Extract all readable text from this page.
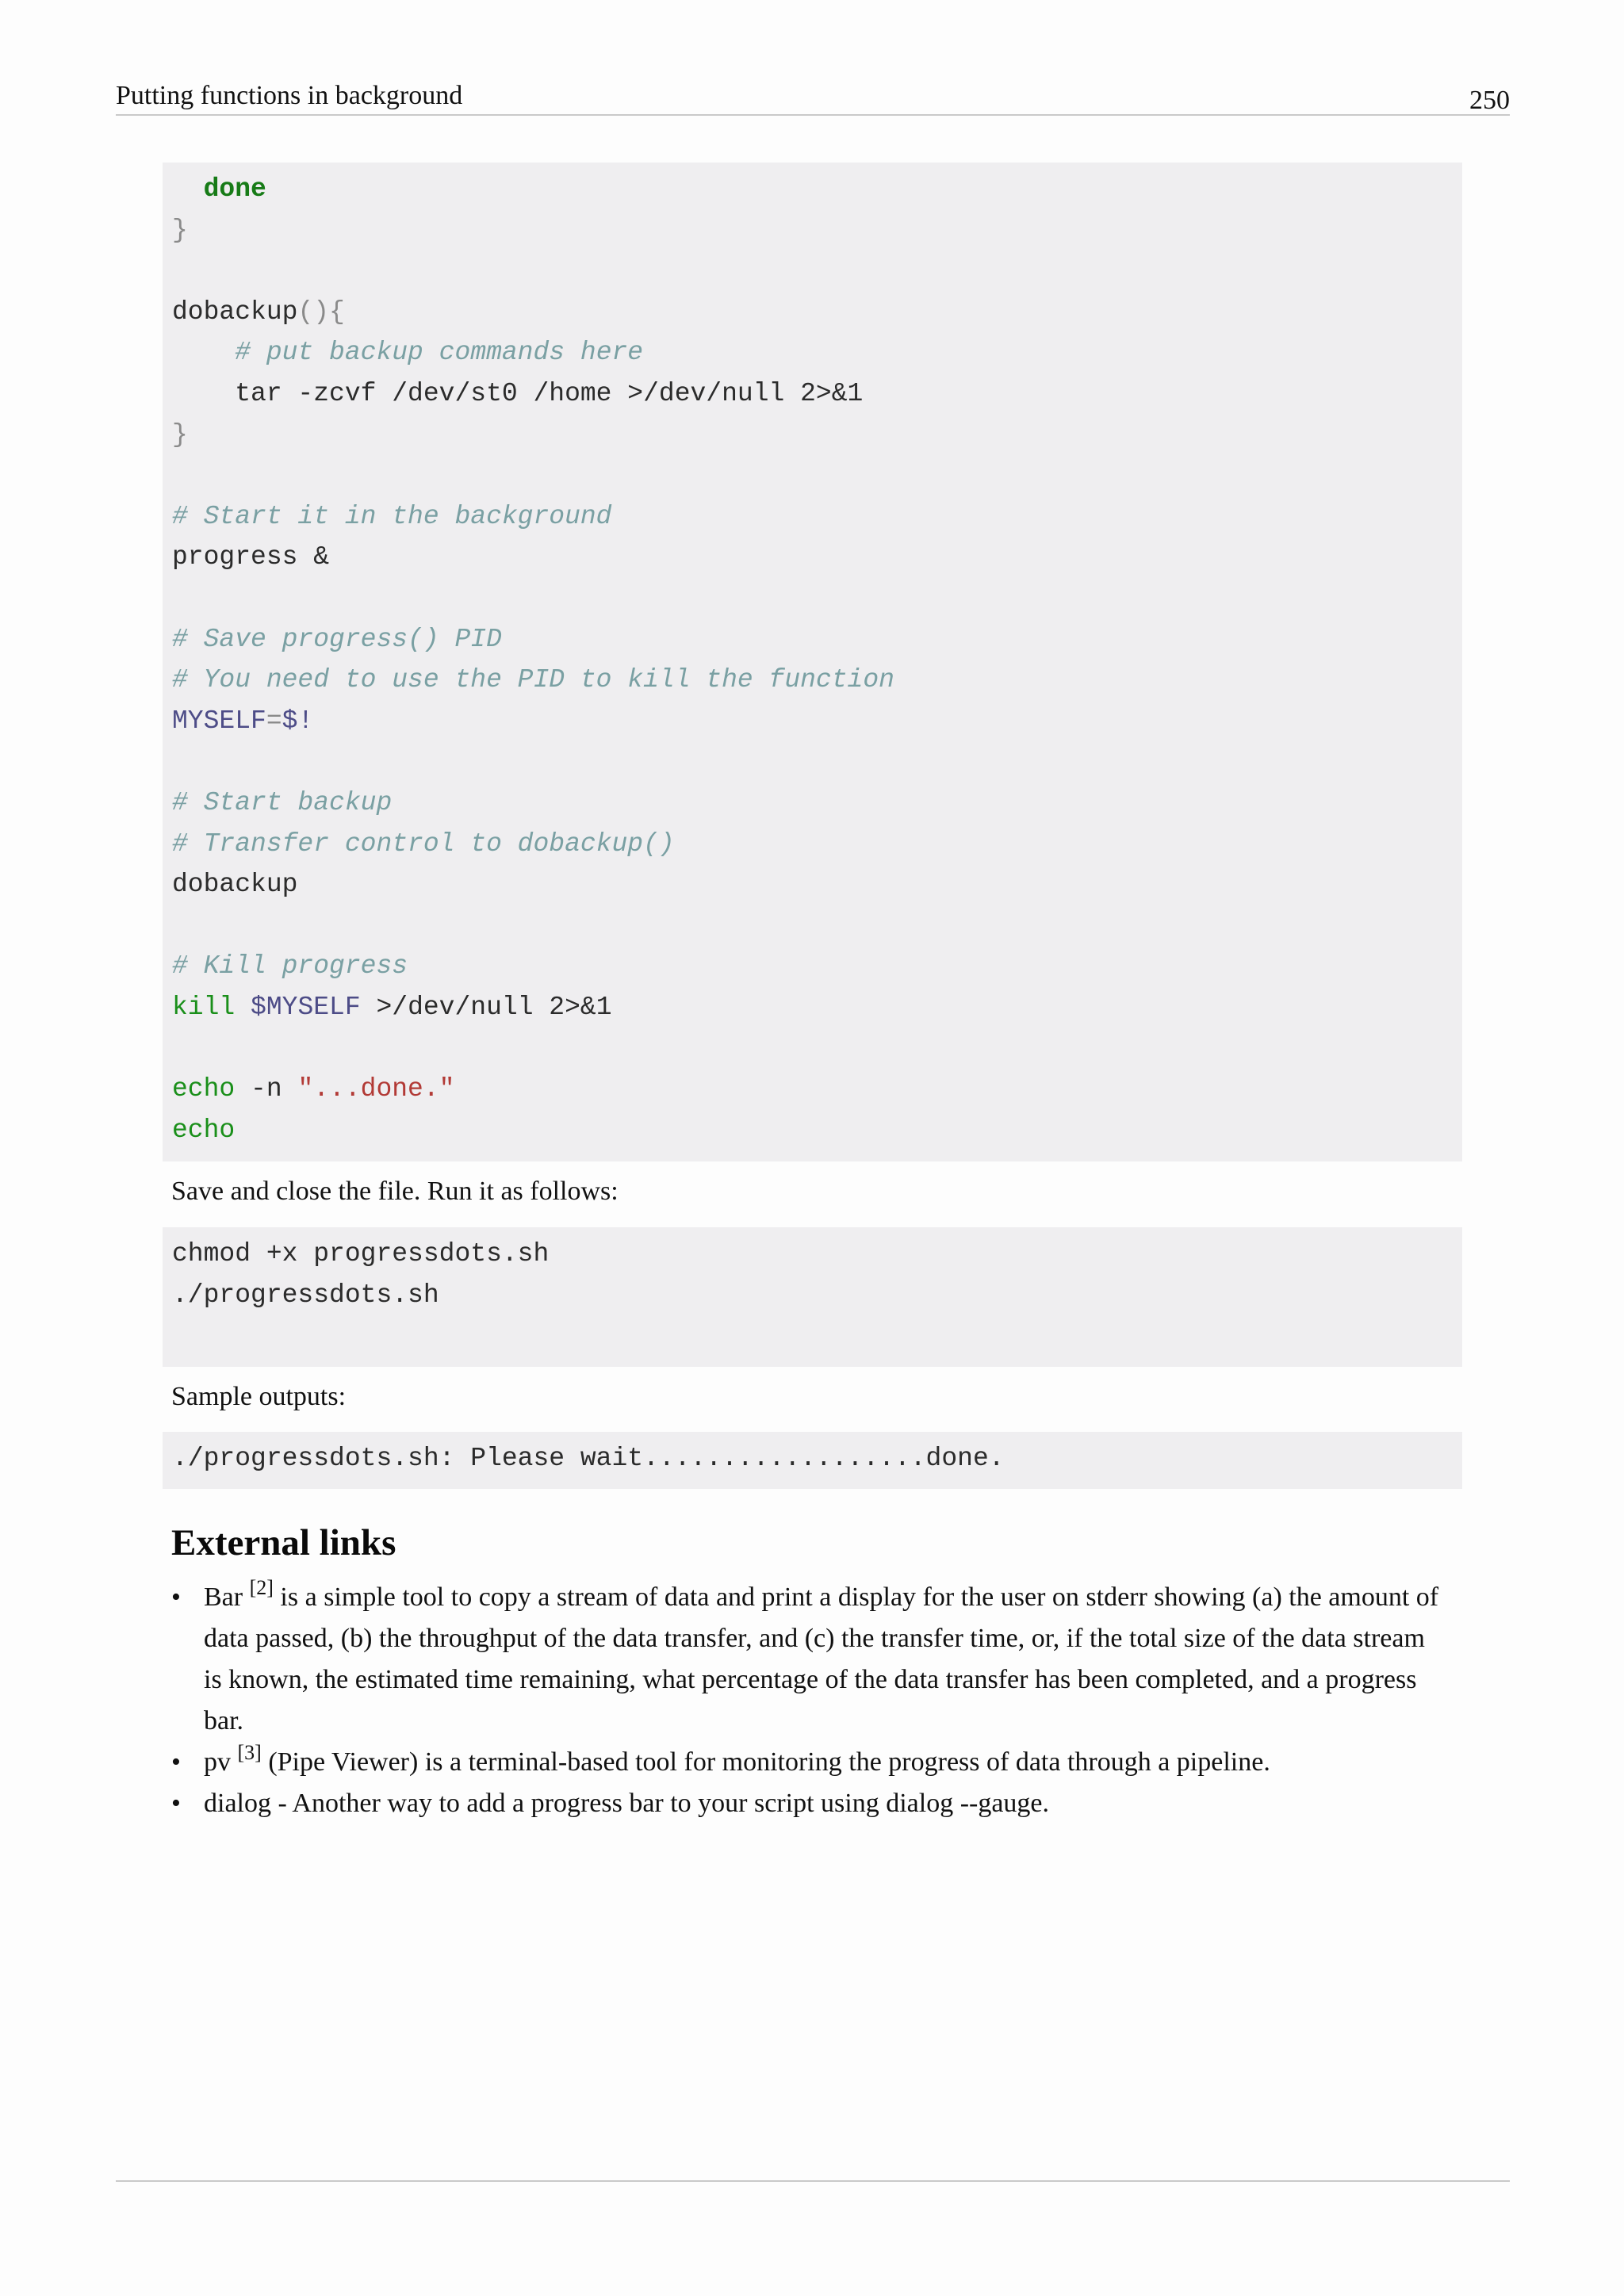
Putting functions in background	250
done
}
dobackup(){
# put backup commands here
tar -zcvf /dev/st0 /home >/dev/null 2>&1
}
# Start it in the background
progress &
# Save progress() PID
# You need to use the PID to kill the function
MYSELF=$!
# Start backup
# Transfer control to dobackup()
dobackup
# Kill progress
kill $MYSELF >/dev/null 2>&1
echo -n "...done."
echo
Save and close the file. Run it as follows:
chmod +x progressdots.sh
./progressdots.sh
Sample outputs:
./progressdots.sh: Please wait..................done.
External links
• Bar [2] is a simple tool to copy a stream of data and print a display for the user on stderr showing (a) the amount of data passed, (b) the throughput of the data transfer, and (c) the transfer time, or, if the total size of the data stream is known, the estimated time remaining, what percentage of the data transfer has been completed, and a progress bar.
• pv [3] (Pipe Viewer) is a terminal-based tool for monitoring the progress of data through a pipeline.
• dialog - Another way to add a progress bar to your script using dialog --gauge.
